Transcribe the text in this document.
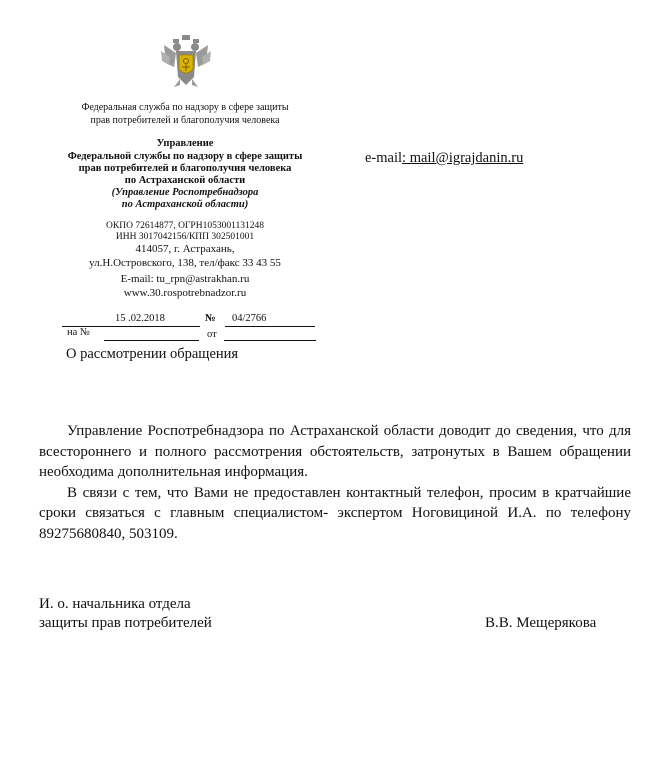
Федеральная служба по надзору в сфере защиты
прав потребителей и благополучия человека
Управление
Федеральной службы по надзору в сфере защиты
прав потребителей и благополучия человека
по Астраханской области
(Управление Роспотребнадзора
по Астраханской области)
ОКПО 72614877, ОГРН1053001131248
ИНН 3017042156/КПП 302501001
414057, г. Астрахань,
ул.Н.Островского, 138, тел/факс 33 43 55
E-mail: tu_rpn@astrakhan.ru
www.30.rospotrebnadzor.ru
15 .02.2018	№ 04/2766
на №	от
e-mail: mail@igrajdanin.ru
О рассмотрении обращения

Управление Роспотребнадзора по Астраханской области доводит до сведения, что для всестороннего и полного рассмотрения обстоятельств, затронутых в Вашем обращении необходима дополнительная информация.

В связи с тем, что Вами не предоставлен контактный телефон, просим в кратчайшие сроки связаться с главным специалистом- экспертом Ноговициной И.А. по телефону 89275680840, 503109.

И. о. начальника отдела
защиты прав потребителей	В.В. Мещерякова
